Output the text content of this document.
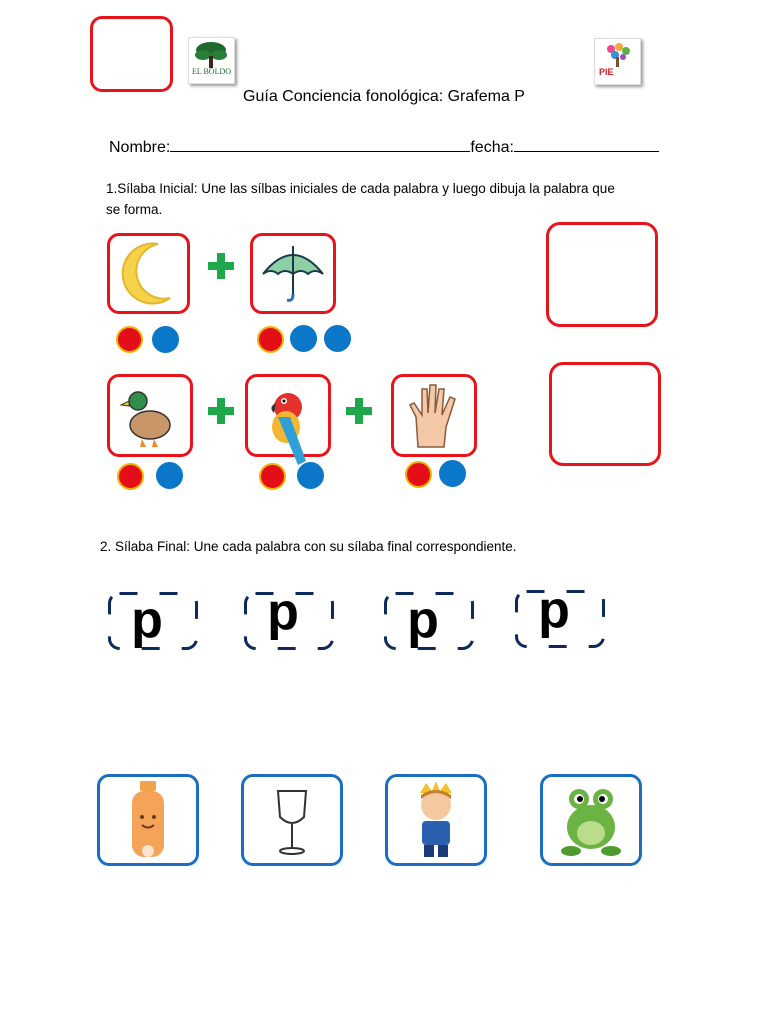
EL BOLDO	PIE
Guía Conciencia fonológica: Grafema P
Nombre:	fecha:
1.Sílaba Inicial: Une las sílbas iniciales de cada palabra y luego dibuja la palabra que
se forma.
2. Sílaba Final: Une cada palabra con su sílaba final correspondiente.
p	p	p	p
